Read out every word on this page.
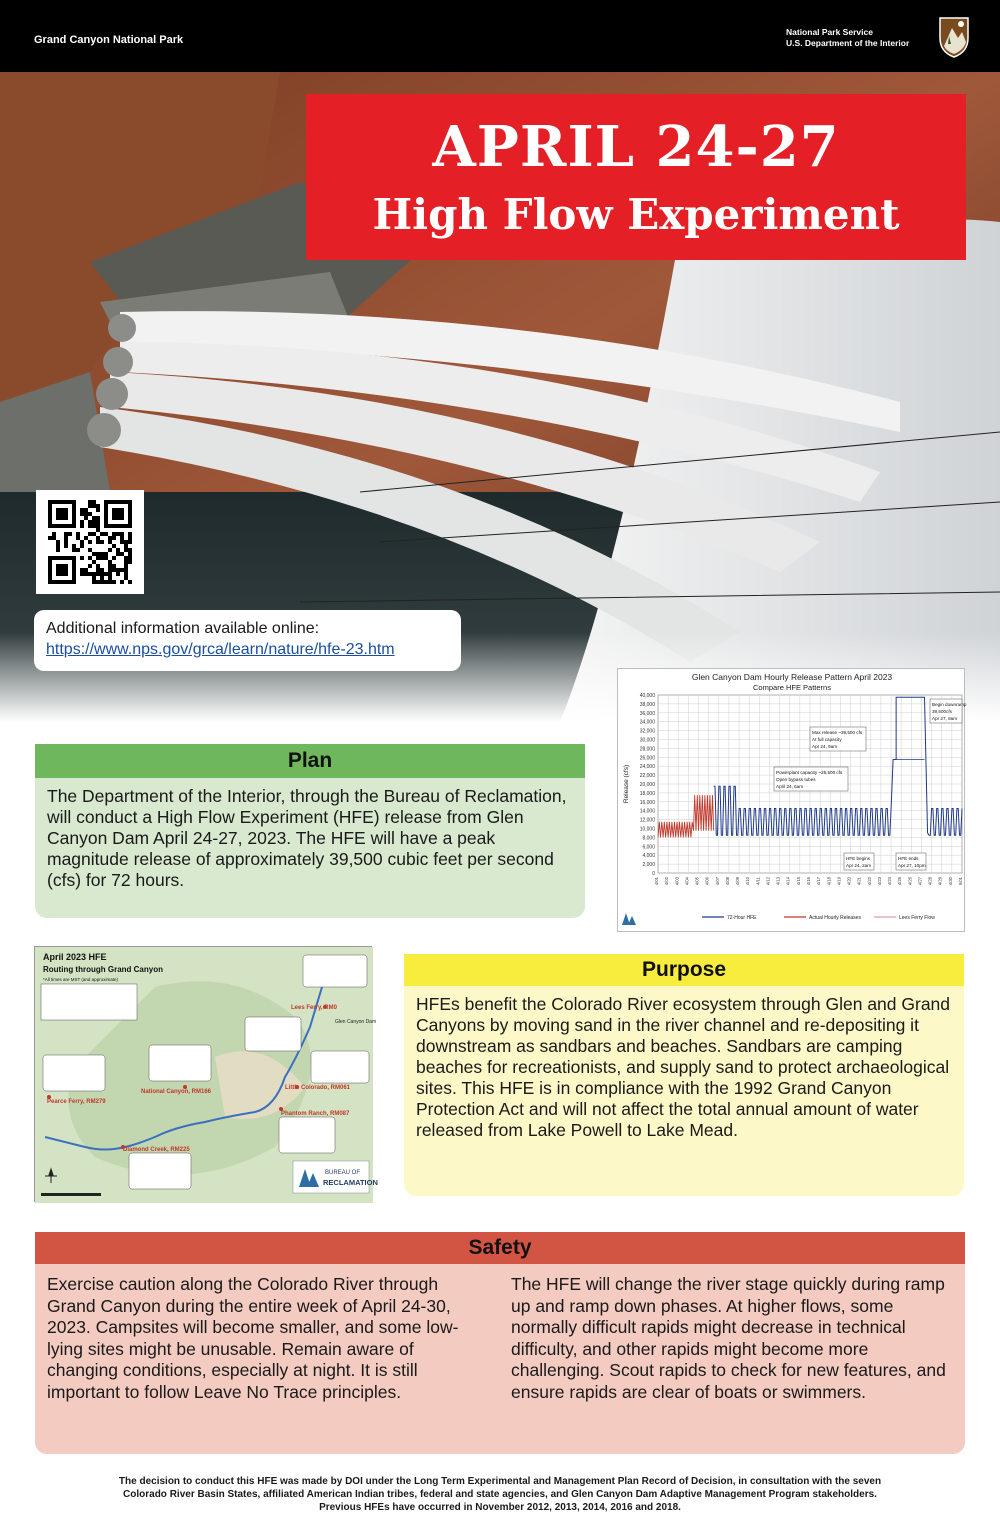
Grand Canyon National Park
National Park Service
U.S. Department of the Interior
APRIL 24-27
High Flow Experiment
Additional information available online:
https://www.nps.gov/grca/learn/nature/hfe-23.htm
Glen Canyon Dam Hourly Release Pattern April 2023
Compare HFE Patterns
0
2,000
4,000
6,000
8,000
10,000
12,000
14,000
16,000
18,000
20,000
22,000
24,000
26,000
28,000
30,000
32,000
34,000
36,000
38,000
40,000
4/01 4/02 4/03 4/04 4/05 4/06 4/07 4/08 4/09 4/10 4/11 4/12 4/13 4/14 4/15 4/16 4/17 4/18 4/19 4/20 4/21 4/22 4/23 4/24 4/25 4/26 4/27 4/28 4/29 4/30 5/01
Release (cfs)
Max release ~39,500 cfs
At full capacity
Apr 24, 9am
Powerplant capacity ~25,500 cfs
Open bypass tubes
April 24, 6am
HFE begins
Apr 24, 2am
HFE ends
Apr 27, 10pm
Begin downramp
39,500cfs
Apr 27, 9am
72-Hour HFE	Actual Hourly Releases	Lees Ferry Flow
Plan
The Department of the Interior, through the Bureau of Reclamation, will conduct a High Flow Experiment (HFE) release from Glen Canyon Dam April 24-27, 2023. The HFE will have a peak magnitude release of approximately 39,500 cubic feet per second (cfs) for 72 hours.
April 2023 HFE
Routing through Grand Canyon
*All times are MST (and approximate)
Lees Ferry, RM0
Little Colorado, RM061
Phantom Ranch, RM087
National Canyon, RM166
Diamond Creek, RM225
Pearce Ferry, RM279
Glen Canyon Dam
BUREAU OF
RECLAMATION
Purpose
HFEs benefit the Colorado River ecosystem through Glen and Grand Canyons by moving sand in the river channel and re-depositing it downstream as sandbars and beaches. Sandbars are camping beaches for recreationists, and supply sand to protect archaeological sites. This HFE is in compliance with the 1992 Grand Canyon Protection Act and will not affect the total annual amount of water released from Lake Powell to Lake Mead.
Safety
Exercise caution along the Colorado River through Grand Canyon during the entire week of April 24-30, 2023. Campsites will become smaller, and some low-lying sites might be unusable. Remain aware of changing conditions, especially at night. It is still important to follow Leave No Trace principles.
The HFE will change the river stage quickly during ramp up and ramp down phases. At higher flows, some normally difficult rapids might decrease in technical difficulty, and other rapids might become more challenging. Scout rapids to check for new features, and ensure rapids are clear of boats or swimmers.
The decision to conduct this HFE was made by DOI under the Long Term Experimental and Management Plan Record of Decision, in consultation with the seven
Colorado River Basin States, affiliated American Indian tribes, federal and state agencies, and Glen Canyon Dam Adaptive Management Program stakeholders.
Previous HFEs have occurred in November 2012, 2013, 2014, 2016 and 2018.
